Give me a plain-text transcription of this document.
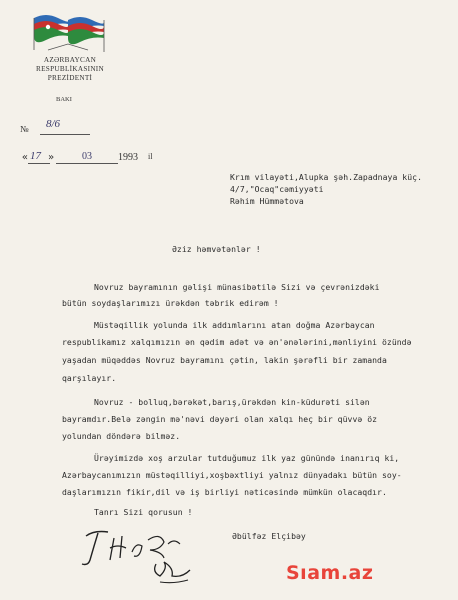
AZƏRBAYCAN
RESPUBLİKASININ
PREZİDENTİ
BAKI
№ 8/6
« 17 »	03	1993 il
Krım vilayəti,Alupka şəh.Zapadnaya küç.
4/7,"Ocaq"cəmiyyəti
Rəhim Hümmətova
Əziz həmvətənlər !
Novruz bayramının gəlişi münasibətilə Sizi və çevrənizdəki
bütün soydaşlarımızı ürəkdən təbrik edirəm !
Müstəqillik yolunda ilk addımlarını atan doğma Azərbaycan
respublikamız xalqımızın ən qədim adət və ən'ənələrini,mənliyini özündə
yaşadan müqəddəs Novruz bayramını çətin, lakin şərəfli bir zamanda
qarşılayır.
Novruz - bolluq,bərəkət,barış,ürəkdən kin-küdurəti silən
bayramdır.Belə zəngin mə'nəvi dəyəri olan xalqı heç bir qüvvə öz
yolundan döndərə bilməz.
Ürəyimizdə xoş arzular tutduğumuz ilk yaz günündə inanırıq ki,
Azərbaycanımızın müstəqilliyi,xoşbəxtliyi yalnız dünyadakı bütün soy-
daşlarımızın fikir,dil və iş birliyi nəticəsində mümkün olacaqdır.
Tanrı Sizi qorusun !
Əbülfəz Elçibəy
Sıam.az
